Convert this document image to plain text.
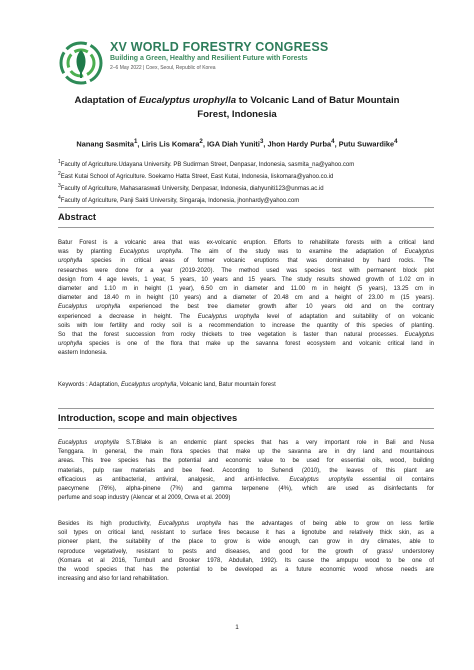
XV WORLD FORESTRY CONGRESS
Building a Green, Healthy and Resilient Future with Forests
2–6 May 2022 | Coex, Seoul, Republic of Korea
Adaptation of Eucalyptus urophylla to Volcanic Land of Batur Mountain
Forest, Indonesia
Nanang Sasmita$^1$, Liris Lis Komara$^2$, IGA Diah Yuniti$^3$, Jhon Hardy Purba$^4$, Putu Suwardike$^4$
$^1$Faculty of Agriculture.Udayana University. PB Sudirman Street, Denpasar, Indonesia, sasmita_na@yahoo.com
$^2$East Kutai School of Agriculture. Soekarno Hatta Street, East Kutai, Indonesia, liskomara@yahoo.co.id
$^3$Faculty of Agriculture, Mahasaraswati University, Denpasar, Indonesia, diahyuniti123@unmas.ac.id
$^4$Faculty of Agriculture, Panji Sakti University, Singaraja, Indonesia, jhonhardy@yahoo.com
Abstract
Batur Forest is a volcanic area that was ex-volcanic eruption. Efforts to rehabilitate forests with a critical land
was by planting Eucalyptus urophylla. The aim of the study was to examine the adaptation of Eucalyptus
urophylla species in critical areas of former volcanic eruptions that was dominated by hard rocks. The
researches were done for a year (2019-2020). The method used was species test with permanent block plot
design from 4 age levels, 1 year, 5 years, 10 years and 15 years. The study results showed growth of 1.02 cm in
diameter and 1.10 m in height (1 year), 6.50 cm in diameter and 11.00 m in height (5 years), 13.25 cm in
diameter and 18.40 m in height (10 years) and a diameter of 20.48 cm and a height of 23.00 m (15 years).
Eucalyptus urophylla experienced the best tree diameter growth after 10 years old and on the contrary
experienced a decrease in height. The Eucalyptus urophylla level of adaptation and suitability of on volcanic
soils with low fertility and rocky soil is a recommendation to increase the quantity of this species of planting.
So that the forest succession from rocky thickets to tree vegetation is faster than natural processes. Eucalyptus
urophylla species is one of the flora that make up the savanna forest ecosystem and volcanic critical land in
eastern Indonesia.
Keywords : Adaptation, Eucalyptus urophylla, Volcanic land, Batur mountain forest
Introduction, scope and main objectives
Eucalyptus urophylla S.T.Blake is an endemic plant species that has a very important role in Bali and Nusa
Tenggara. In general, the main flora species that make up the savanna are in dry land and mountainous
areas. This tree species has the potential and economic value to be used for essential oils, wood, building
materials, pulp raw materials and bee feed. According to Suhendi (2010), the leaves of this plant are
efficacious as antibacterial, antiviral, analgesic, and anti-infective. Eucalyptus urophylla essential oil contains
paecymene (76%), alpha-pinene (7%) and gamma terpenene (4%), which are used as disinfectants for
perfume and soap industry (Alencar et al 2009, Orwa et al. 2009)
Besides its high productivity, Eucallyptus urophylla has the advantages of being able to grow on less fertile
soil types on critical land, resistant to surface fires because it has a lignotube and relatively thick skin, as a
pioneer plant, the suitability of the place to grow is wide enough, can grow in dry climates, able to
reproduce vegetatively, resistant to pests and diseases, and good for the growth of grass/ understorey
(Komara et al 2016, Turnbull and Brooker 1978, Abdullah, 1992). Its cause the ampupu wood to be one of
the wood species that has the potential to be developed as a future economic wood whose needs are
increasing and also for land rehabilitation.
1
